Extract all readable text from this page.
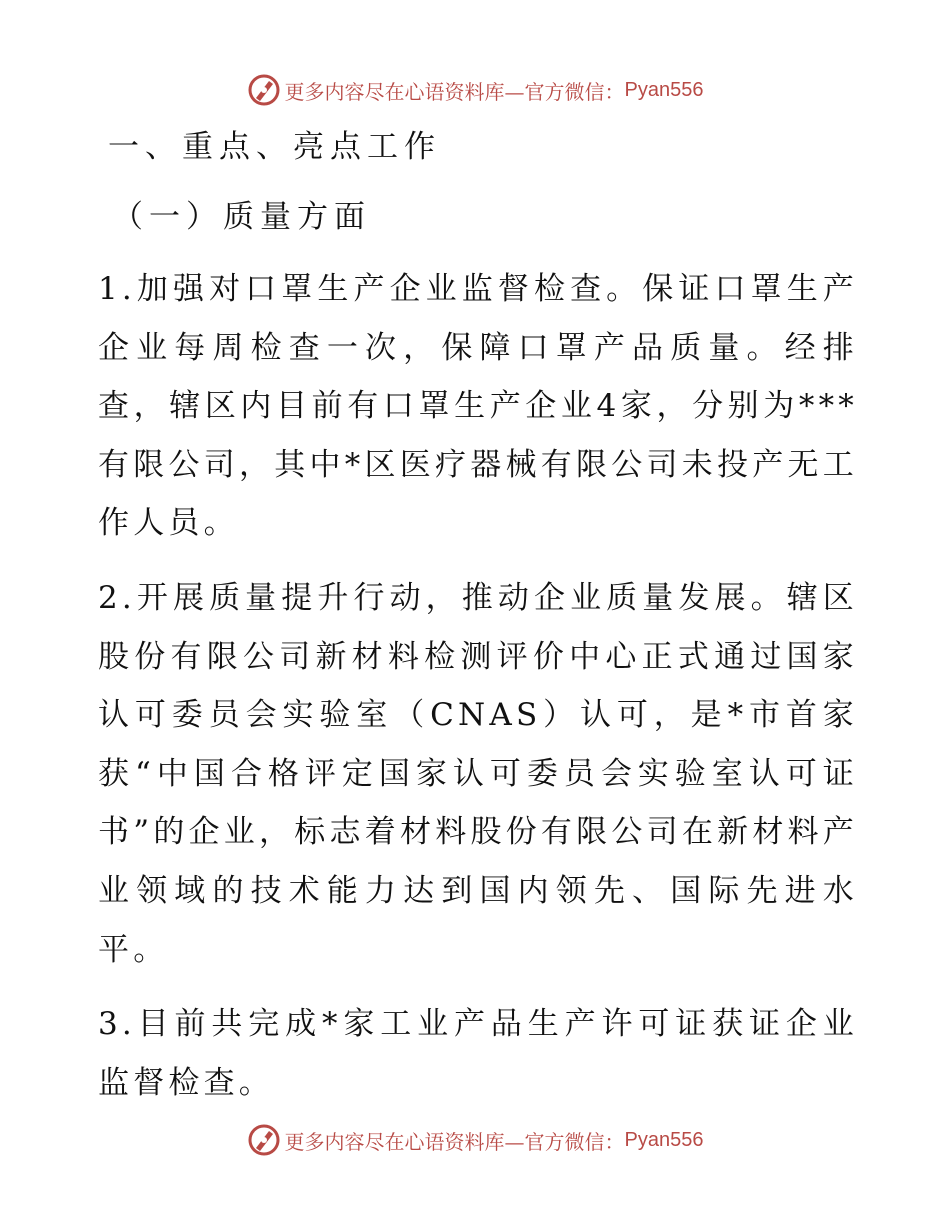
更多内容尽在心语资料库—官方微信： Pyan556
一、重点、亮点工作
（一）质量方面

1.加强对口罩生产企业监督检查。保证口罩生产企业每周检查一次，保障口罩产品质量。经排查，辖区内目前有口罩生产企业4家，分别为***有限公司，其中*区医疗器械有限公司未投产无工作人员。

2.开展质量提升行动，推动企业质量发展。辖区股份有限公司新材料检测评价中心正式通过国家认可委员会实验室（CNAS）认可，是*市首家获“中国合格评定国家认可委员会实验室认可证书”的企业，标志着材料股份有限公司在新材料产业领域的技术能力达到国内领先、国际先进水平。

3.目前共完成*家工业产品生产许可证获证企业监督检查。

更多内容尽在心语资料库—官方微信： Pyan556
